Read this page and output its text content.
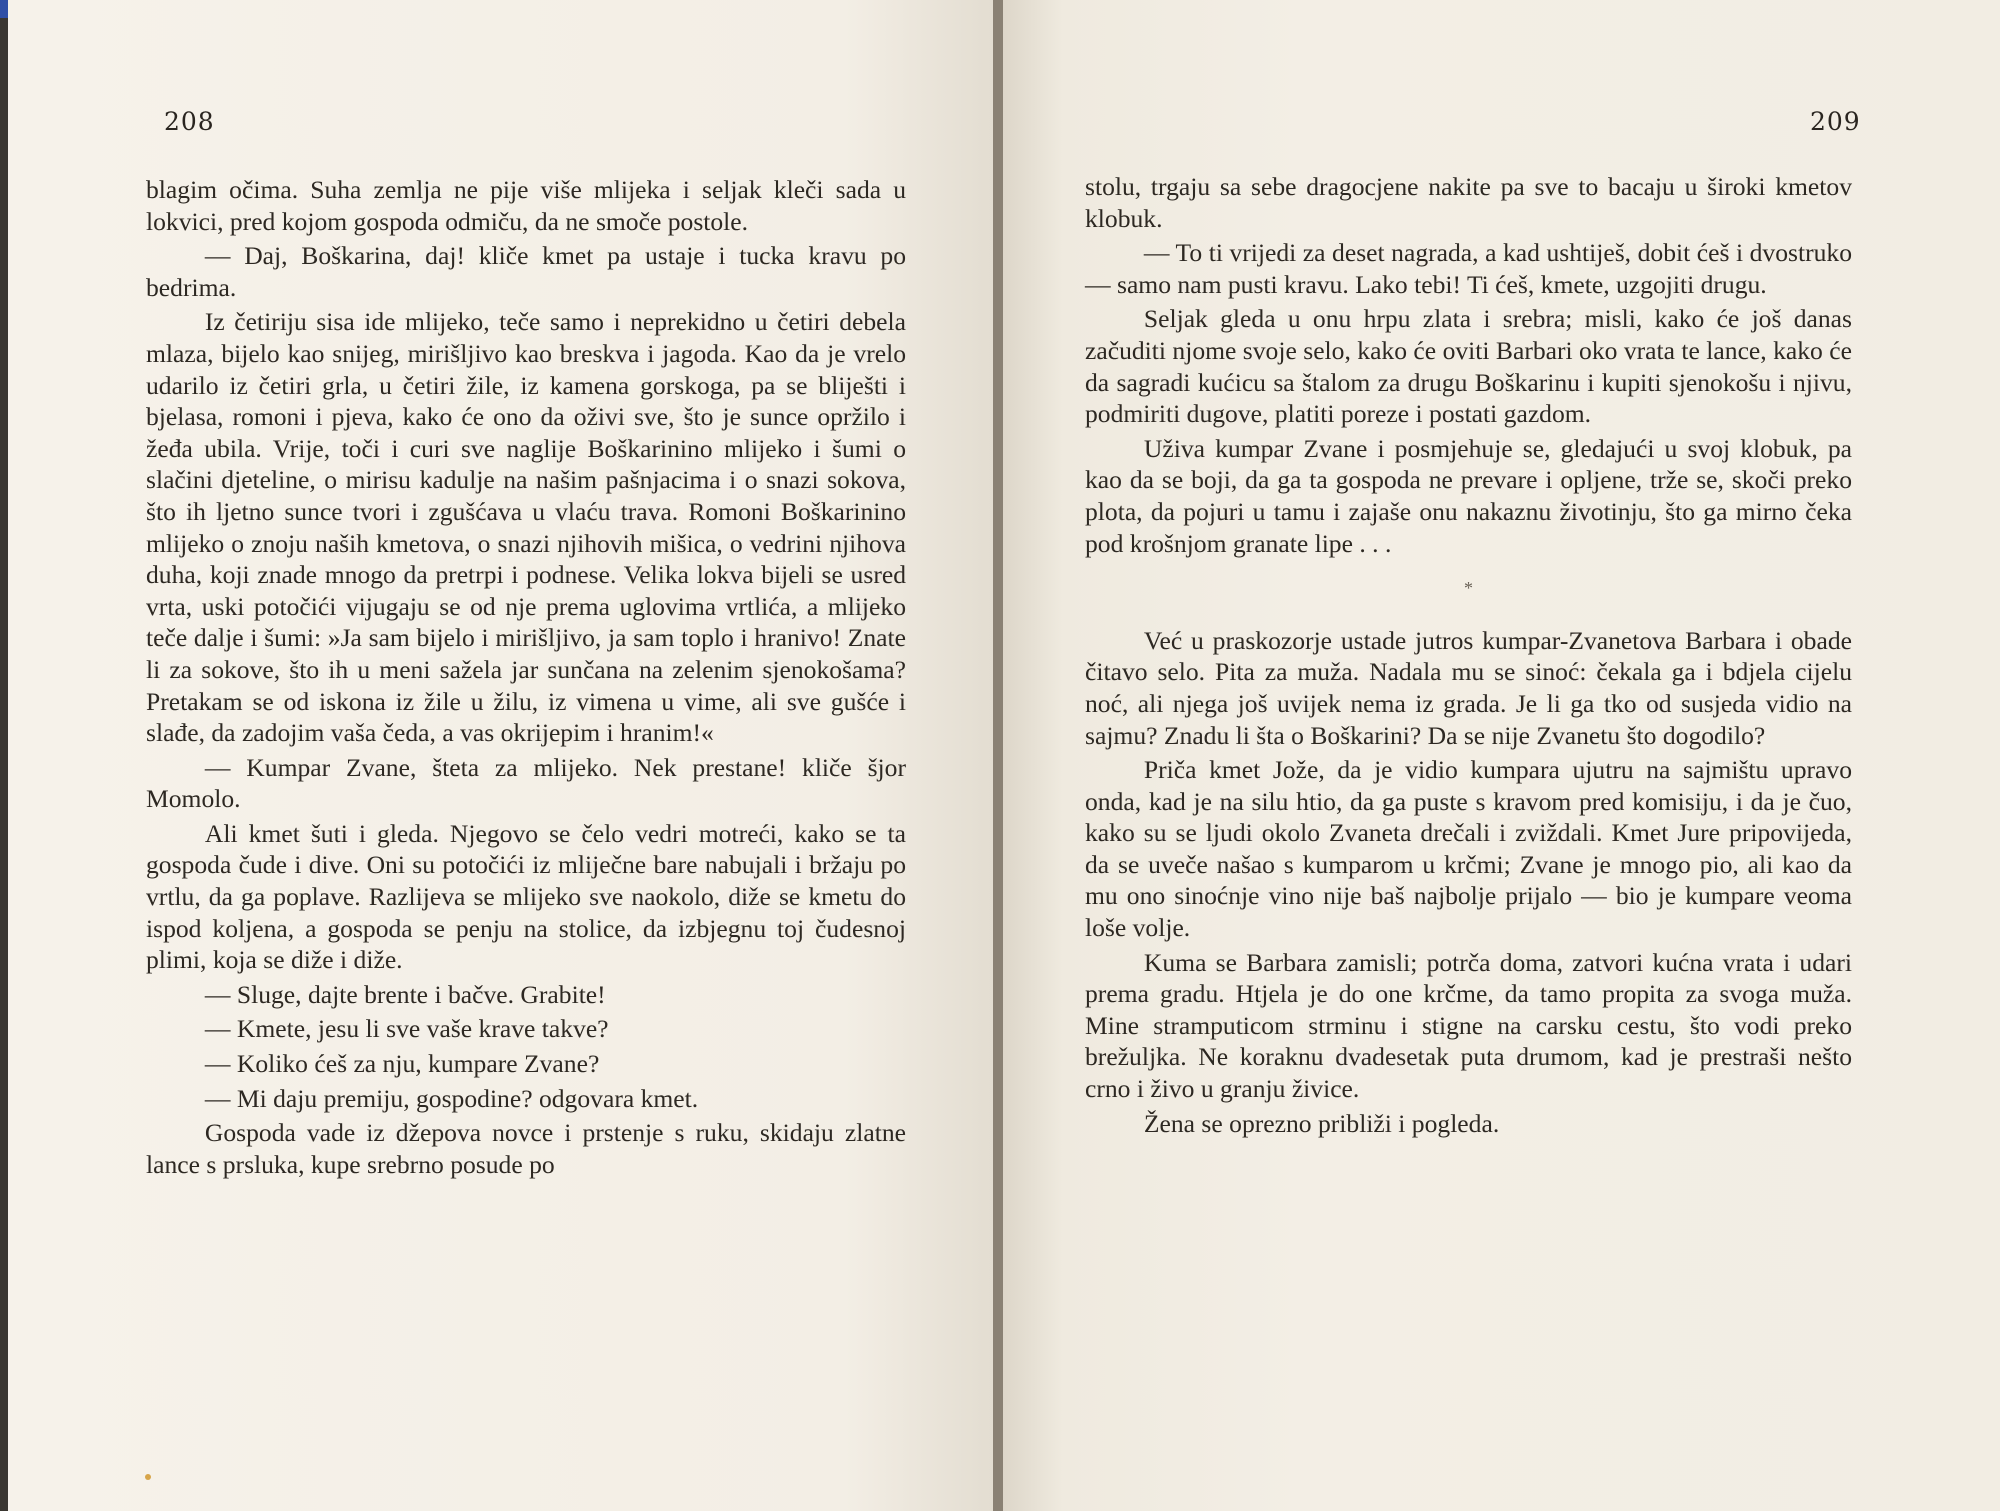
208

blagim očima. Suha zemlja ne pije više mlijeka i seljak kleči sada u lokvici, pred kojom gospoda odmiču, da ne smoče postole.

— Daj, Boškarina, daj! kliče kmet pa ustaje i tucka kravu po bedrima.

Iz četiriju sisa ide mlijeko, teče samo i neprekidno u četiri debela mlaza, bijelo kao snijeg, mirišljivo kao breskva i jagoda. Kao da je vrelo udarilo iz četiri grla, u četiri žile, iz kamena gorskoga, pa se bliješti i bjelasa, romoni i pjeva, kako će ono da oživi sve, što je sunce opržilo i žeđa ubila. Vrije, toči i curi sve naglije Boškarinino mlijeko i šumi o slačini djeteline, o mirisu kadulje na našim pašnjacima i o snazi sokova, što ih ljetno sunce tvori i zgušćava u vlaću trava. Romoni Boškarinino mlijeko o znoju naših kmetova, o snazi njihovih mišica, o vedrini njihova duha, koji znade mnogo da pretrpi i podnese. Velika lokva bijeli se usred vrta, uski potočići vijugaju se od nje prema uglovima vrtlića, a mlijeko teče dalje i šumi: »Ja sam bijelo i mirišljivo, ja sam toplo i hranivo! Znate li za sokove, što ih u meni sažela jar sunčana na zelenim sjenokošama? Pretakam se od iskona iz žile u žilu, iz vimena u vime, ali sve gušće i slađe, da zadojim vaša čeda, a vas okrijepim i hranim!«

— Kumpar Zvane, šteta za mlijeko. Nek prestane! kliče šjor Momolo.

Ali kmet šuti i gleda. Njegovo se čelo vedri motreći, kako se ta gospoda čude i dive. Oni su potočići iz mliječne bare nabujali i bržaju po vrtlu, da ga poplave. Razlijeva se mlijeko sve naokolo, diže se kmetu do ispod koljena, a gospoda se penju na stolice, da izbjegnu toj čudesnoj plimi, koja se diže i diže.

— Sluge, dajte brente i bačve. Grabite!

— Kmete, jesu li sve vaše krave takve?

— Koliko ćeš za nju, kumpare Zvane?

— Mi daju premiju, gospodine? odgovara kmet.

Gospoda vade iz džepova novce i prstenje s ruku, skidaju zlatne lance s prsluka, kupe srebrno posude po

209

stolu, trgaju sa sebe dragocjene nakite pa sve to bacaju u široki kmetov klobuk.

— To ti vrijedi za deset nagrada, a kad ushtiješ, dobit ćeš i dvostruko — samo nam pusti kravu. Lako tebi! Ti ćeš, kmete, uzgojiti drugu.

Seljak gleda u onu hrpu zlata i srebra; misli, kako će još danas začuditi njome svoje selo, kako će oviti Barbari oko vrata te lance, kako će da sagradi kućicu sa štalom za drugu Boškarinu i kupiti sjenokošu i njivu, podmiriti dugove, platiti poreze i postati gazdom.

Uživa kumpar Zvane i posmjehuje se, gledajući u svoj klobuk, pa kao da se boji, da ga ta gospoda ne prevare i opljene, trže se, skoči preko plota, da pojuri u tamu i zajaše onu nakaznu životinju, što ga mirno čeka pod krošnjom granate lipe . . .

*

Već u praskozorje ustade jutros kumpar-Zvanetova Barbara i obade čitavo selo. Pita za muža. Nadala mu se sinoć: čekala ga i bdjela cijelu noć, ali njega još uvijek nema iz grada. Je li ga tko od susjeda vidio na sajmu? Znadu li šta o Boškarini? Da se nije Zvanetu što dogodilo?

Priča kmet Jože, da je vidio kumpara ujutru na sajmištu upravo onda, kad je na silu htio, da ga puste s kravom pred komisiju, i da je čuo, kako su se ljudi okolo Zvaneta drečali i zviždali. Kmet Jure pripovijeda, da se uveče našao s kumparom u krčmi; Zvane je mnogo pio, ali kao da mu ono sinoćnje vino nije baš najbolje prijalo — bio je kumpare veoma loše volje.

Kuma se Barbara zamisli; potrča doma, zatvori kućna vrata i udari prema gradu. Htjela je do one krčme, da tamo propita za svoga muža. Mine stramputicom strminu i stigne na carsku cestu, što vodi preko brežuljka. Ne koraknu dvadesetak puta drumom, kad je prestraši nešto crno i živo u granju živice.

Žena se oprezno približi i pogleda.
